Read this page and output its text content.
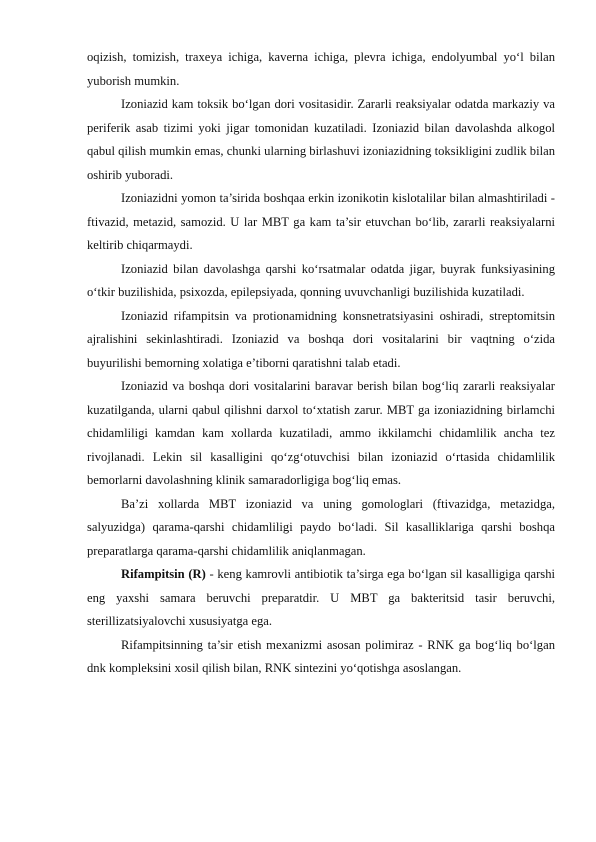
oqizish, tomizish, traxeya ichiga, kaverna ichiga, plevra ichiga, endolyumbal yo‘l bilan yuborish mumkin.

Izoniazid kam toksik bo‘lgan dori vositasidir. Zararli reaksiyalar odatda markaziy va periferik asab tizimi yoki jigar tomonidan kuzatiladi. Izoniazid bilan davolashda alkogol qabul qilish mumkin emas, chunki ularning birlashuvi izoniazidning toksikligini zudlik bilan oshirib yuboradi.

Izoniazidni yomon ta’sirida boshqaa erkin izonikotin kislotalilar bilan almashtiriladi - ftivazid, metazid, samozid. U lar MBT ga kam ta’sir etuvchan bo‘lib, zararli reaksiyalarni keltirib chiqarmaydi.

Izoniazid bilan davolashga qarshi ko‘rsatmalar odatda jigar, buyrak funksiyasining o‘tkir buzilishida, psixozda, epilepsiyada, qonning uvuvchanligi buzilishida kuzatiladi.

Izoniazid rifampitsin va protionamidning konsnetratsiyasini oshiradi, streptomitsin ajralishini sekinlashtiradi. Izoniazid va boshqa dori vositalarini bir vaqtning o‘zida buyurilishi bemorning xolatiga e’tiborni qaratishni talab etadi.

Izoniazid va boshqa dori vositalarini baravar berish bilan bog‘liq zararli reaksiyalar kuzatilganda, ularni qabul qilishni darxol to‘xtatish zarur. MBT ga izoniazidning birlamchi chidamliligi kamdan kam xollarda kuzatiladi, ammo ikkilamchi chidamlilik ancha tez rivojlanadi. Lekin sil kasalligini qo‘zg‘otuvchisi bilan izoniazid o‘rtasida chidamlilik bemorlarni davolashning klinik samaradorligiga bog‘liq emas.

Ba’zi xollarda MBT izoniazid va uning gomologlari (ftivazidga, metazidga, salyuzidga) qarama-qarshi chidamliligi paydo bo‘ladi. Sil kasalliklariga qarshi boshqa preparatlarga qarama-qarshi chidamlilik aniqlanmagan.

Rifampitsin (R) - keng kamrovli antibiotik ta’sirga ega bo‘lgan sil kasalligiga qarshi eng yaxshi samara beruvchi preparatdir. U MBT ga bakteritsid tasir beruvchi, sterillizatsiyalovchi xususiyatga ega.

Rifampitsinning ta’sir etish mexanizmi asosan polimiraz - RNK ga bog‘liq bo‘lgan dnk kompleksini xosil qilish bilan, RNK sintezini yo‘qotishga asoslangan.
